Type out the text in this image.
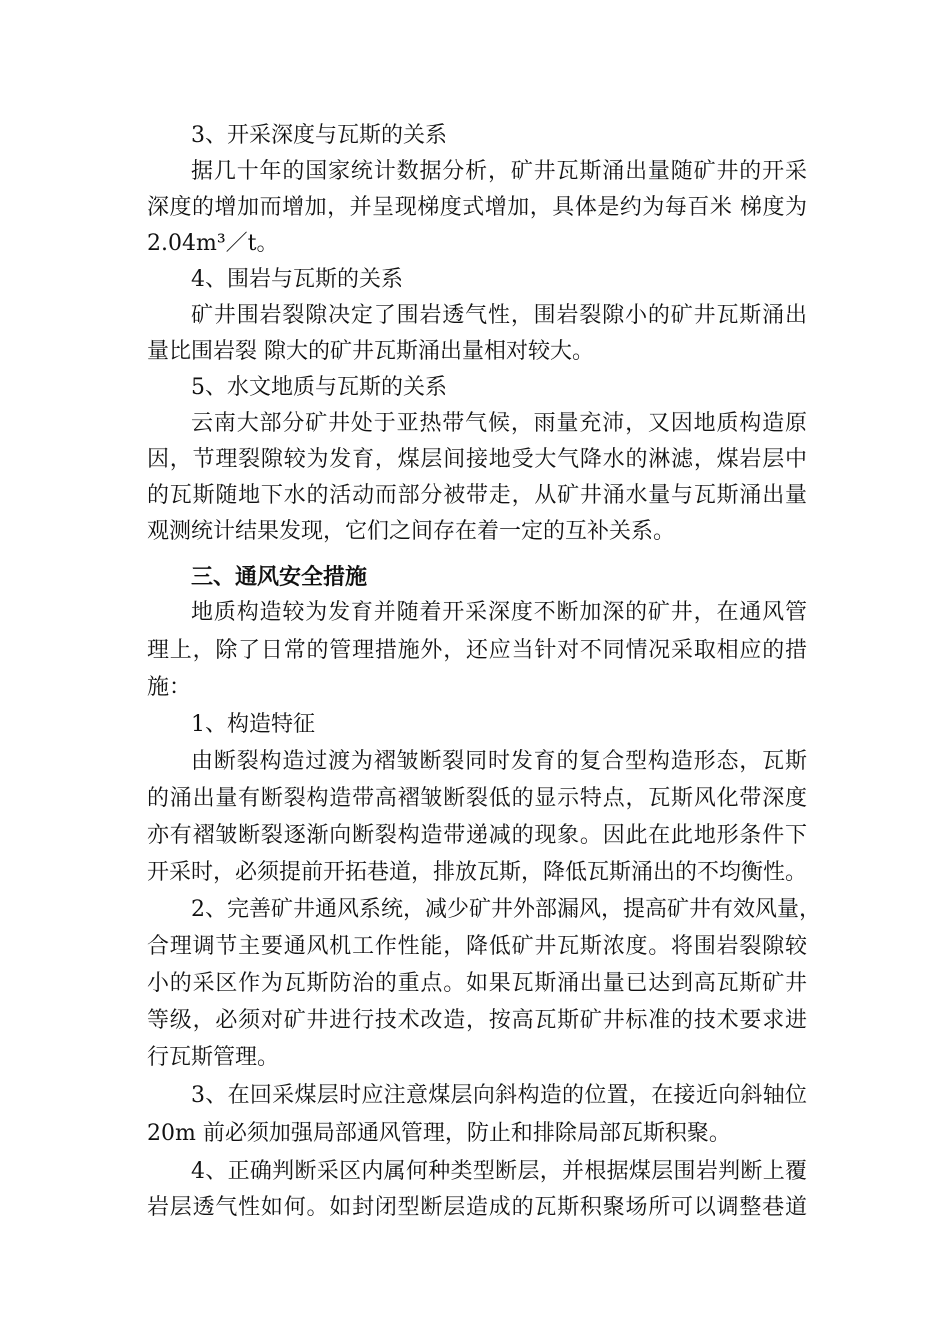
3、开采深度与瓦斯的关系
据几十年的国家统计数据分析，矿井瓦斯涌出量随矿井的开采
深度的增加而增加，并呈现梯度式增加，具体是约为每百米 梯度为
2.04m³／t。
4、围岩与瓦斯的关系
矿井围岩裂隙决定了围岩透气性，围岩裂隙小的矿井瓦斯涌出
量比围岩裂 隙大的矿井瓦斯涌出量相对较大。
5、水文地质与瓦斯的关系
云南大部分矿井处于亚热带气候，雨量充沛，又因地质构造原
因，节理裂隙较为发育，煤层间接地受大气降水的淋滤，煤岩层中
的瓦斯随地下水的活动而部分被带走，从矿井涌水量与瓦斯涌出量
观测统计结果发现，它们之间存在着一定的互补关系。
三、通风安全措施
地质构造较为发育并随着开采深度不断加深的矿井，在通风管
理上，除了日常的管理措施外，还应当针对不同情况采取相应的措
施：
1、构造特征
由断裂构造过渡为褶皱断裂同时发育的复合型构造形态，瓦斯
的涌出量有断裂构造带高褶皱断裂低的显示特点，瓦斯风化带深度
亦有褶皱断裂逐渐向断裂构造带递减的现象。因此在此地形条件下
开采时，必须提前开拓巷道，排放瓦斯，降低瓦斯涌出的不均衡性。
2、完善矿井通风系统，减少矿井外部漏风，提高矿井有效风量，
合理调节主要通风机工作性能，降低矿井瓦斯浓度。将围岩裂隙较
小的采区作为瓦斯防治的重点。如果瓦斯涌出量已达到高瓦斯矿井
等级，必须对矿井进行技术改造，按高瓦斯矿井标准的技术要求进
行瓦斯管理。
3、在回采煤层时应注意煤层向斜构造的位置，在接近向斜轴位
20m 前必须加强局部通风管理，防止和排除局部瓦斯积聚。
4、正确判断采区内属何种类型断层，并根据煤层围岩判断上覆
岩层透气性如何。如封闭型断层造成的瓦斯积聚场所可以调整巷道
